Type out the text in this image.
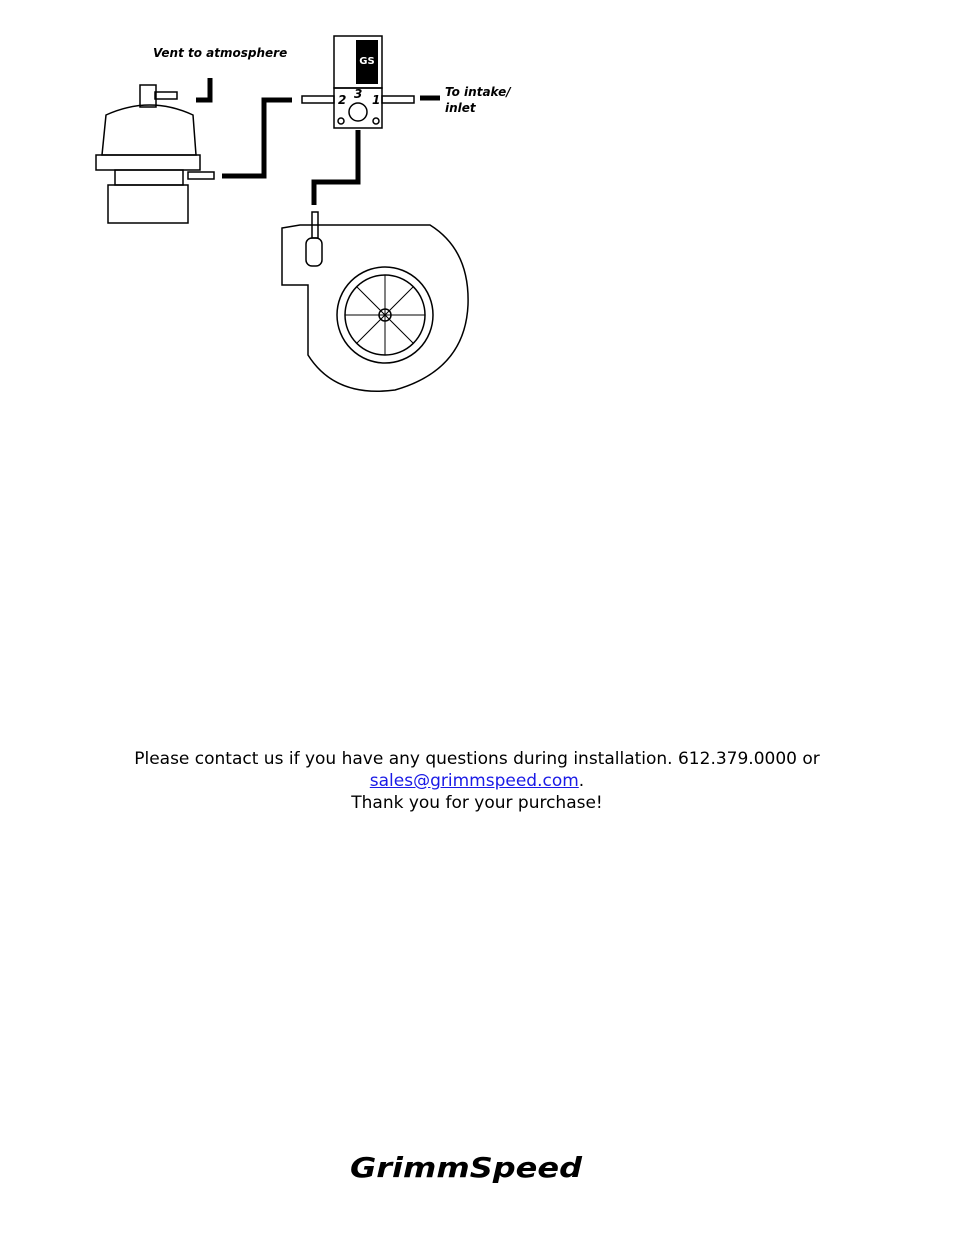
GS
Vent to atmosphere
To intake/
inlet
2 3 1
Please contact us if you have any questions during installation. 612.379.0000 or
sales@grimmspeed.com.
Thank you for your purchase!
GrimmSpeed
